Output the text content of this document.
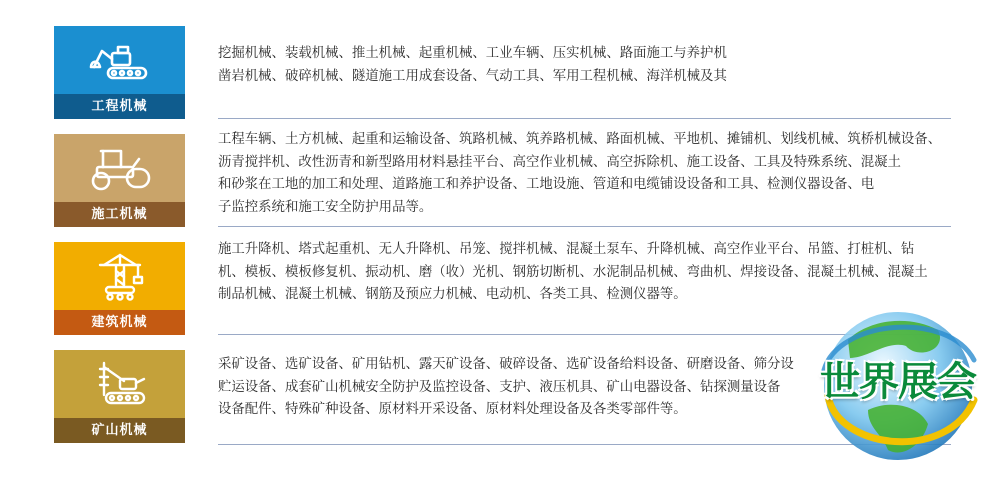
工程机械
挖掘机械、装载机械、推土机械、起重机械、工业车辆、压实机械、路面施工与养护机
凿岩机械、破碎机械、隧道施工用成套设备、气动工具、军用工程机械、海洋机械及其
施工机械
工程车辆、土方机械、起重和运输设备、筑路机械、筑养路机械、路面机械、平地机、摊铺机、划线机械、筑桥机械设备、
沥青搅拌机、改性沥青和新型路用材料悬挂平台、高空作业机械、高空拆除机、施工设备、工具及特殊系统、混凝土
和砂浆在工地的加工和处理、道路施工和养护设备、工地设施、管道和电缆铺设设备和工具、检测仪器设备、电
子监控系统和施工安全防护用品等。
建筑机械
施工升降机、塔式起重机、无人升降机、吊笼、搅拌机械、混凝土泵车、升降机械、高空作业平台、吊篮、打桩机、钻
机、模板、模板修复机、振动机、磨（收）光机、钢筋切断机、水泥制品机械、弯曲机、焊接设备、混凝土机械、混凝土
制品机械、混凝土机械、钢筋及预应力机械、电动机、各类工具、检测仪器等。
矿山机械
采矿设备、选矿设备、矿用钻机、露天矿设备、破碎设备、选矿设备给料设备、研磨设备、筛分设
贮运设备、成套矿山机械安全防护及监控设备、支护、液压机具、矿山电器设备、钻探测量设备
设备配件、特殊矿种设备、原材料开采设备、原材料处理设备及各类零部件等。
世界展会
